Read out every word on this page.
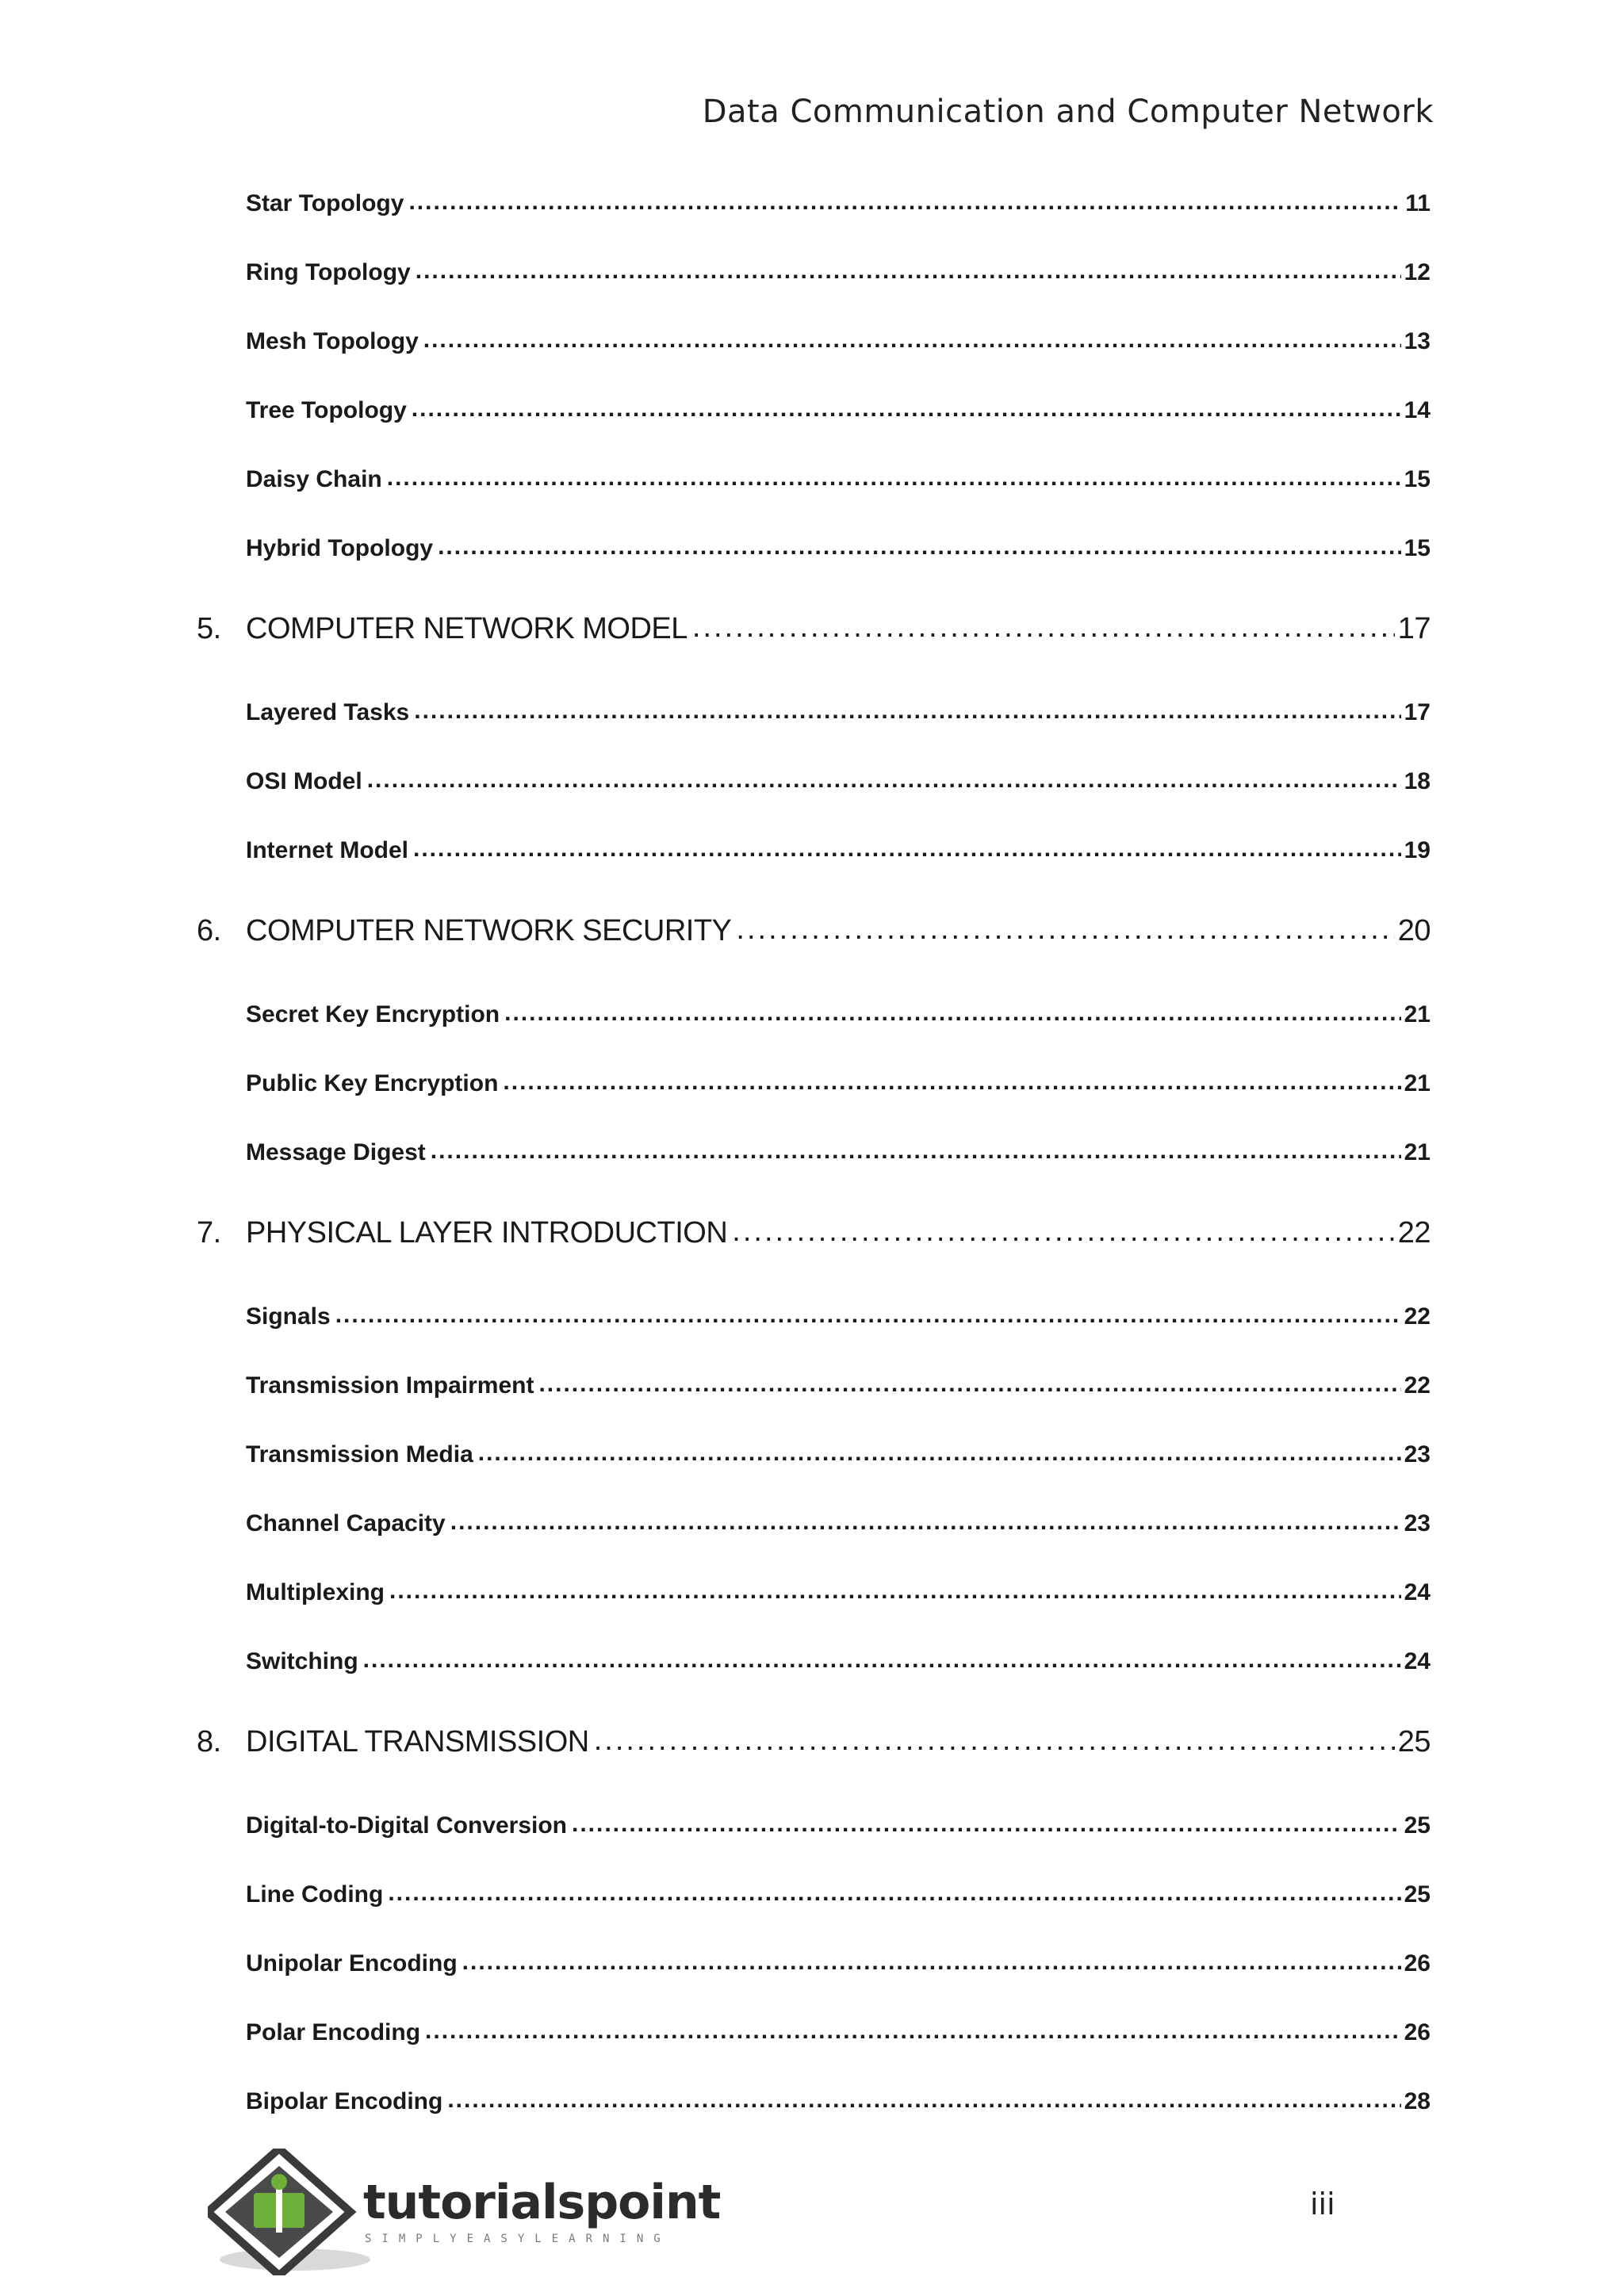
Data Communication and Computer Network
Star Topology .....	11
Ring Topology .....	12
Mesh Topology .....	13
Tree Topology .....	14
Daisy Chain .....	15
Hybrid Topology .....	15
5. COMPUTER NETWORK MODEL .....	17
Layered Tasks .....	17
OSI Model .....	18
Internet Model .....	19
6. COMPUTER NETWORK SECURITY .....	20
Secret Key Encryption .....	21
Public Key Encryption .....	21
Message Digest .....	21
7. PHYSICAL LAYER INTRODUCTION .....	22
Signals .....	22
Transmission Impairment .....	22
Transmission Media .....	23
Channel Capacity .....	23
Multiplexing .....	24
Switching .....	24
8. DIGITAL TRANSMISSION .....	25
Digital-to-Digital Conversion .....	25
Line Coding .....	25
Unipolar Encoding .....	26
Polar Encoding .....	26
Bipolar Encoding .....	28
tutorialspoint
SIMPLYEASYLEARNING
iii
